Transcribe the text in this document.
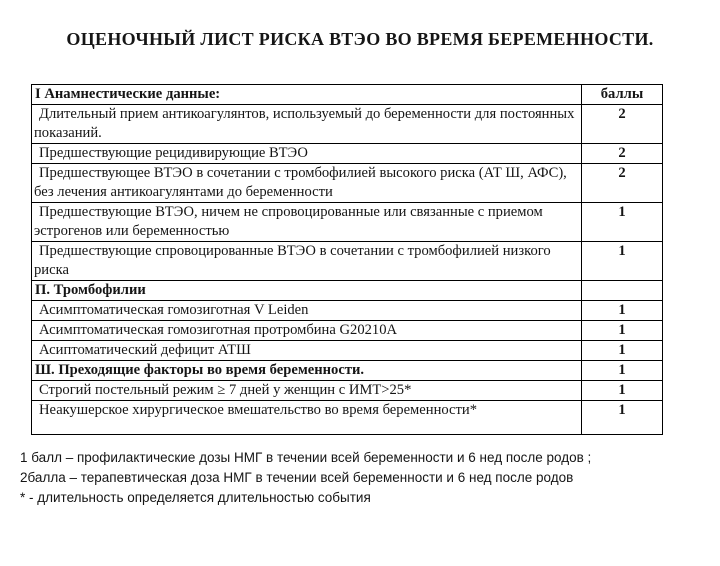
ОЦЕНОЧНЫЙ ЛИСТ РИСКА ВТЭО ВО ВРЕМЯ БЕРЕМЕННОСТИ.
I Анамнестические данные:	баллы
Длительный прием антикоагулянтов, используемый до беременности для постоянных показаний.	2
Предшествующие рецидивирующие ВТЭО	2
Предшествующее ВТЭО в сочетании с тромбофилией высокого риска (АТ Ш, АФС), без лечения антикоагулянтами до беременности	2
Предшествующие ВТЭО, ничем не спровоцированные или связанные с приемом эстрогенов или беременностью	1
Предшествующие спровоцированные ВТЭО в сочетании с тромбофилией низкого риска	1
П. Тромбофилии	
Асимптоматическая гомозиготная V Leiden	1
Асимптоматическая гомозиготная протромбина G20210A	1
Асиптоматический дефицит АТШ	1
Ш. Преходящие факторы во время беременности.	1
Строгий постельный режим ≥ 7 дней у женщин с ИМТ>25*	1
Неакушерское хирургическое вмешательство во время беременности*	1
1 балл – профилактические дозы НМГ в течении всей беременности и 6 нед после родов ;
2балла – терапевтическая доза НМГ в течении всей беременности и 6 нед после родов
* - длительность определяется длительностью события
